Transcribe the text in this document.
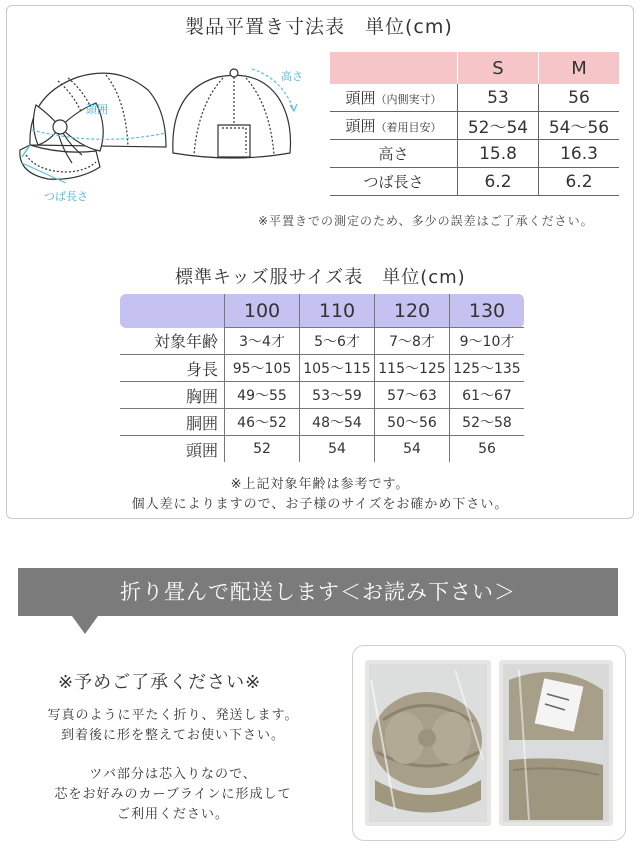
製品平置き寸法表　単位(cm)
頭囲
高さ
つば長さ
	S	M
頭囲（内側実寸）	53	56
頭囲（着用目安）	52〜54	54〜56
高さ	15.8	16.3
つば長さ	6.2	6.2
※平置きでの測定のため、多少の誤差はご了承ください。
標準キッズ服サイズ表　単位(cm)
	100	110	120	130
対象年齢	3〜4才	5〜6才	7〜8才	9〜10才
身長	95〜105	105〜115	115〜125	125〜135
胸囲	49〜55	53〜59	57〜63	61〜67
胴囲	46〜52	48〜54	50〜56	52〜58
頭囲	52	54	54	56
※上記対象年齢は参考です。
個人差によりますので、お子様のサイズをお確かめ下さい。
折り畳んで配送します＜お読み下さい＞
※予めご了承ください※

写真のように平たく折り、発送します。
到着後に形を整えてお使い下さい。

ツバ部分は芯入りなので、
芯をお好みのカーブラインに形成して
ご利用ください。
